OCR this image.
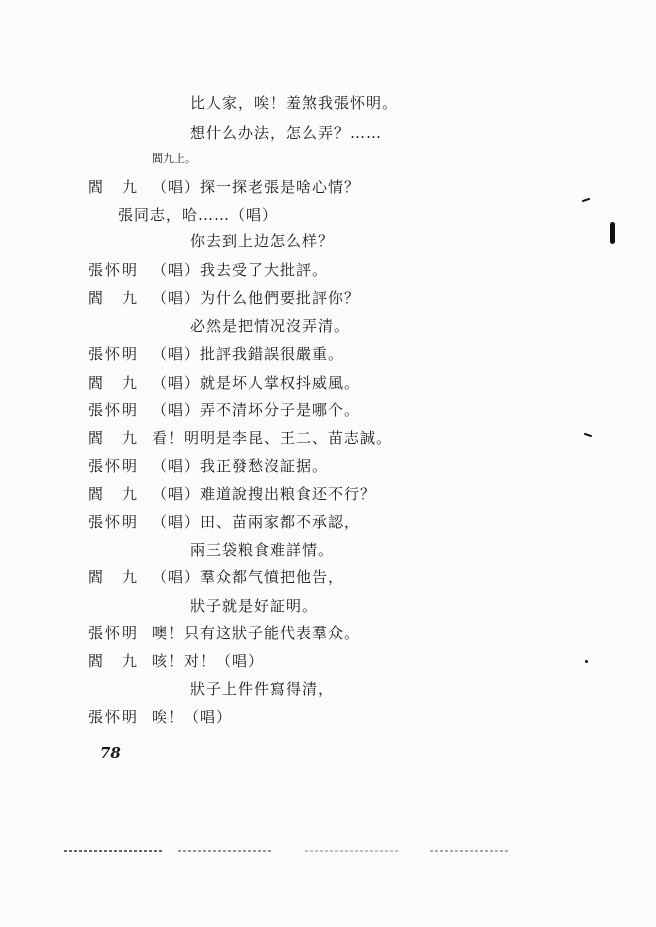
比人家，唉！羞煞我張怀明。
想什么办法，怎么弄？……
閻九上。
閻　九 （唱）探一探老張是啥心情？
張同志，哈……（唱）
你去到上边怎么样？
張怀明 （唱）我去受了大批評。
閻　九 （唱）为什么他們要批評你？
必然是把情况沒弄清。
張怀明 （唱）批評我錯誤很嚴重。
閻　九 （唱）就是坏人掌权抖威風。
張怀明 （唱）弄不清坏分子是哪个。
閻　九 看！明明是李昆、王二、苗志誠。
張怀明 （唱）我正發愁沒証据。
閻　九 （唱）难道說搜出粮食还不行？
張怀明 （唱）田、苗兩家都不承認，
兩三袋粮食难詳情。
閻　九 （唱）羣众都气憤把他告，
狀子就是好証明。
張怀明 噢！只有这狀子能代表羣众。
閻　九 咳！对！（唱）
狀子上件件寫得清，
張怀明 唉！（唱）
78
